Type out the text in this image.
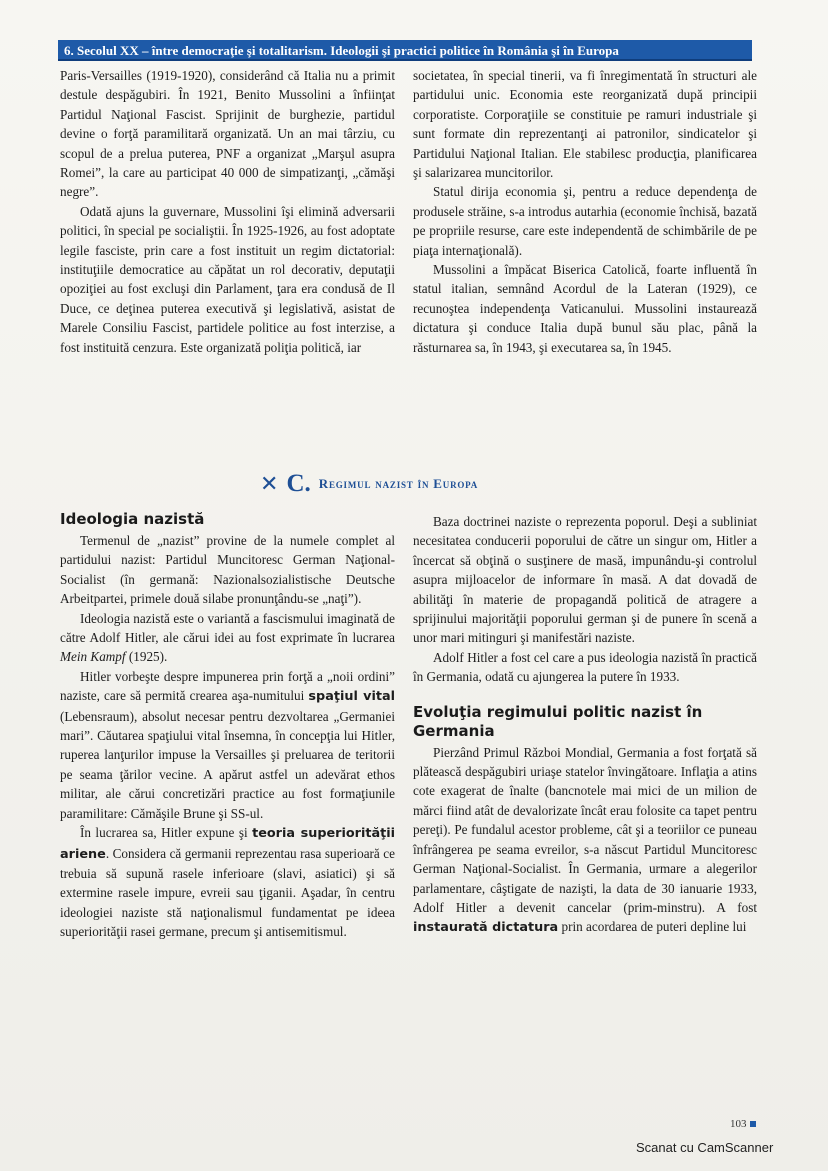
6. Secolul XX – între democraţie şi totalitarism. Ideologii şi practici politice în România şi în Europa

Paris-Versailles (1919-1920), considerând că Italia nu a primit destule despăgubiri. În 1921, Benito Mussolini a înfiinţat Partidul Naţional Fascist. Sprijinit de burghezie, partidul devine o forţă paramilitară organizată. Un an mai târziu, cu scopul de a prelua puterea, PNF a organizat „Marşul asupra Romei”, la care au participat 40 000 de simpatizanţi, „cămăşi negre”.

Odată ajuns la guvernare, Mussolini îşi elimină adversarii politici, în special pe socialiştii. În 1925-1926, au fost adoptate legile fasciste, prin care a fost instituit un regim dictatorial: instituţiile democratice au căpătat un rol decorativ, deputaţii opoziţiei au fost excluşi din Parlament, ţara era condusă de Il Duce, ce deţinea puterea executivă şi legislativă, asistat de Marele Consiliu Fascist, partidele politice au fost interzise, a fost instituită cenzura. Este organizată poliţia politică, iar

societatea, în special tinerii, va fi înregimentată în structuri ale partidului unic. Economia este reorganizată după principii corporatiste. Corporaţiile se constituie pe ramuri industriale şi sunt formate din reprezentanţi ai patronilor, sindicatelor şi Partidului Naţional Italian. Ele stabilesc producţia, planificarea şi salarizarea muncitorilor.

Statul dirija economia şi, pentru a reduce dependenţa de produsele străine, s-a introdus autarhia (economie închisă, bazată pe propriile resurse, care este independentă de schimbările de pe piaţa internaţională).

Mussolini a împăcat Biserica Catolică, foarte influentă în statul italian, semnând Acordul de la Lateran (1929), ce recunoştea independenţa Vaticanului. Mussolini instaurează dictatura şi conduce Italia după bunul său plac, până la răsturnarea sa, în 1943, şi executarea sa, în 1945.

✕ C. Regimul nazist în Europa
Ideologia nazistă

Termenul de „nazist” provine de la numele complet al partidului nazist: Partidul Muncitoresc German Naţional-Socialist (în germană: Nazionalsozialistische Deutsche Arbeitpartei, primele două silabe pronunţându-se „naţi”).

Ideologia nazistă este o variantă a fascismului imaginată de către Adolf Hitler, ale cărui idei au fost exprimate în lucrarea Mein Kampf (1925).

Hitler vorbeşte despre impunerea prin forţă a „noii ordini” naziste, care să permită crearea aşa-numitului spaţiul vital (Lebensraum), absolut necesar pentru dezvoltarea „Germaniei mari”. Căutarea spaţiului vital însemna, în concepţia lui Hitler, ruperea lanţurilor impuse la Versailles şi preluarea de teritorii pe seama ţărilor vecine. A apărut astfel un adevărat ethos militar, ale cărui concretizări practice au fost formaţiunile paramilitare: Cămăşile Brune şi SS-ul.

În lucrarea sa, Hitler expune şi teoria superiorităţii ariene. Considera că germanii reprezentau rasa superioară ce trebuia să supună rasele inferioare (slavi, asiatici) şi să extermine rasele impure, evreii sau ţiganii. Aşadar, în centru ideologiei naziste stă naţionalismul fundamentat pe ideea superiorităţii rasei germane, precum şi antisemitismul.

Baza doctrinei naziste o reprezenta poporul. Deşi a subliniat necesitatea conducerii poporului de către un singur om, Hitler a încercat să obţină o susţinere de masă, impunându-şi controlul asupra mijloacelor de informare în masă. A dat dovadă de abilităţi în materie de propagandă politică de atragere a sprijinului majorităţii poporului german şi de punere în scenă a unor mari mitinguri şi manifestări naziste.

Adolf Hitler a fost cel care a pus ideologia nazistă în practică în Germania, odată cu ajungerea la putere în 1933.

Evoluţia regimului politic nazist în Germania

Pierzând Primul Război Mondial, Germania a fost forţată să plătească despăgubiri uriaşe statelor învingătoare. Inflaţia a atins cote exagerat de înalte (bancnotele mai mici de un milion de mărci fiind atât de devalorizate încât erau folosite ca tapet pentru pereţi). Pe fundalul acestor probleme, cât şi a teoriilor ce puneau înfrângerea pe seama evreilor, s-a născut Partidul Muncitoresc German Naţional-Socialist. În Germania, urmare a alegerilor parlamentare, câştigate de nazişti, la data de 30 ianuarie 1933, Adolf Hitler a devenit cancelar (prim-minstru). A fost instaurată dictatura prin acordarea de puteri depline lui

103
Scanat cu CamScanner
